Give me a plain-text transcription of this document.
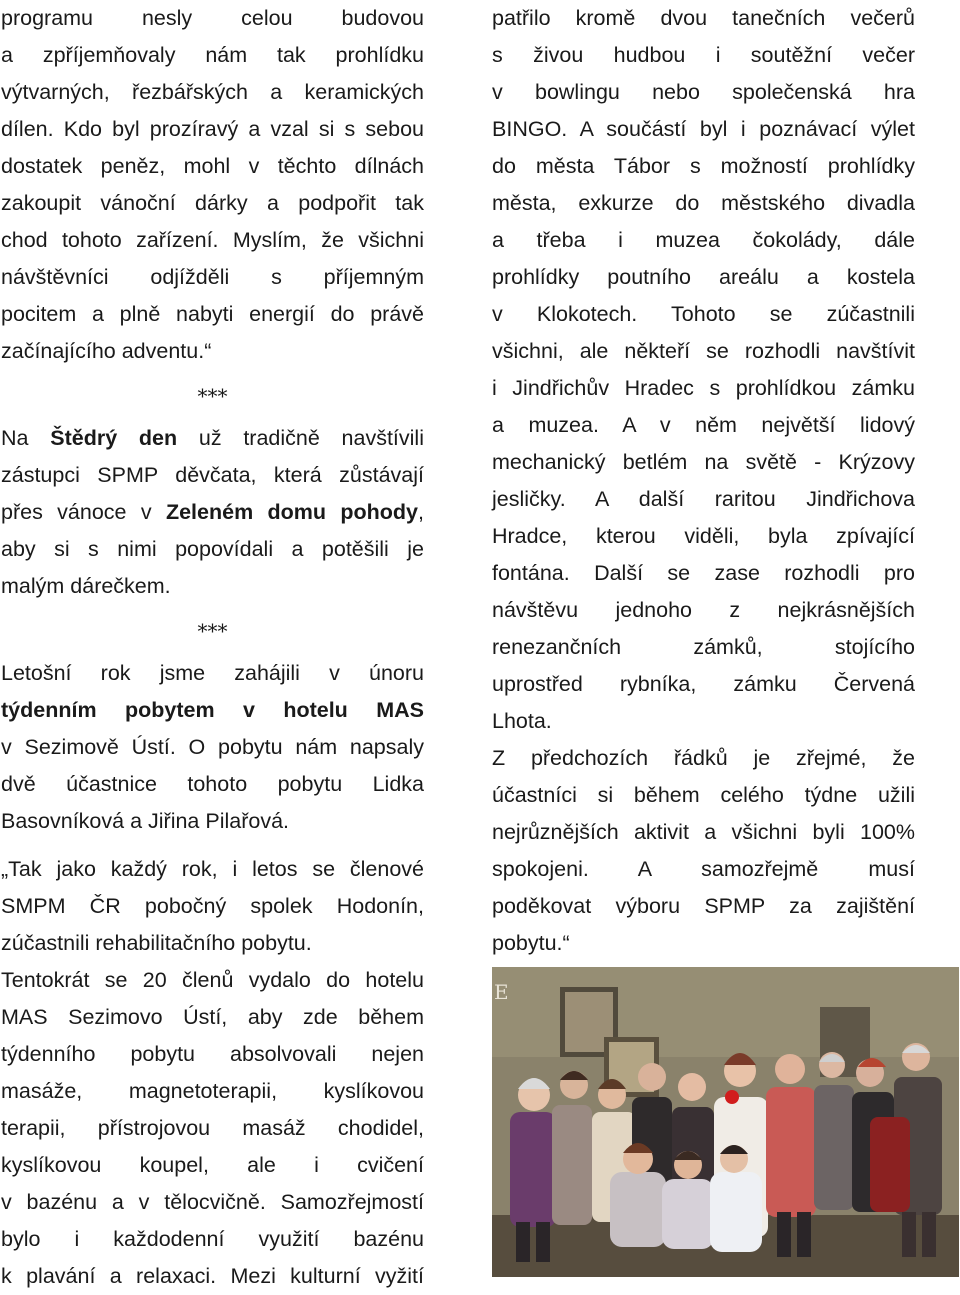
programu nesly celou budovou
a zpříjemňovaly nám tak prohlídku
výtvarných, řezbářských a keramických
dílen. Kdo byl prozíravý a vzal si s sebou
dostatek peněz, mohl v těchto dílnách
zakoupit vánoční dárky a podpořit tak
chod tohoto zařízení. Myslím, že všichni
návštěvníci odjížděli s příjemným
pocitem a plně nabyti energií do právě
začínajícího adventu.“
***
Na Štědrý den už tradičně navštívili
zástupci SPMP děvčata, která zůstávají
přes vánoce v Zeleném domu pohody,
aby si s nimi popovídali a potěšili je
malým dárečkem.
***
Letošní rok jsme zahájili v únoru
týdenním pobytem v hotelu MAS
v Sezimově Ústí. O pobytu nám napsaly
dvě účastnice tohoto pobytu Lidka
Basovníková a Jiřina Pilařová.
„Tak jako každý rok, i letos se členové
SMPM ČR pobočný spolek Hodonín,
zúčastnili rehabilitačního pobytu.
Tentokrát se 20 členů vydalo do hotelu
MAS Sezimovo Ústí, aby zde během
týdenního pobytu absolvovali nejen
masáže, magnetoterapii, kyslíkovou
terapii, přístrojovou masáž chodidel,
kyslíkovou koupel, ale i cvičení
v bazénu a v tělocvičně. Samozřejmostí
bylo i každodenní využití bazénu
k plavání a relaxaci. Mezi kulturní vyžití
patřilo kromě dvou tanečních večerů
s živou hudbou i soutěžní večer
v bowlingu nebo společenská hra
BINGO. A součástí byl i poznávací výlet
do města Tábor s možností prohlídky
města, exkurze do městského divadla
a třeba i muzea čokolády, dále
prohlídky poutního areálu a kostela
v Klokotech. Tohoto se zúčastnili
všichni, ale někteří se rozhodli navštívit
i Jindřichův Hradec s prohlídkou zámku
a muzea. A v něm největší lidový
mechanický betlém na světě - Krýzovy
jesličky. A další raritou Jindřichova
Hradce, kterou viděli, byla zpívající
fontána. Další se zase rozhodli pro
návštěvu jednoho z nejkrásnějších
renezančních zámků, stojícího
uprostřed rybníka, zámku Červená
Lhota.
Z předchozích řádků je zřejmé, že
účastníci si během celého týdne užili
nejrůznějších aktivit a všichni byli 100%
spokojeni. A samozřejmě musí
poděkovat výboru SPMP za zajištění
pobytu.“
E
